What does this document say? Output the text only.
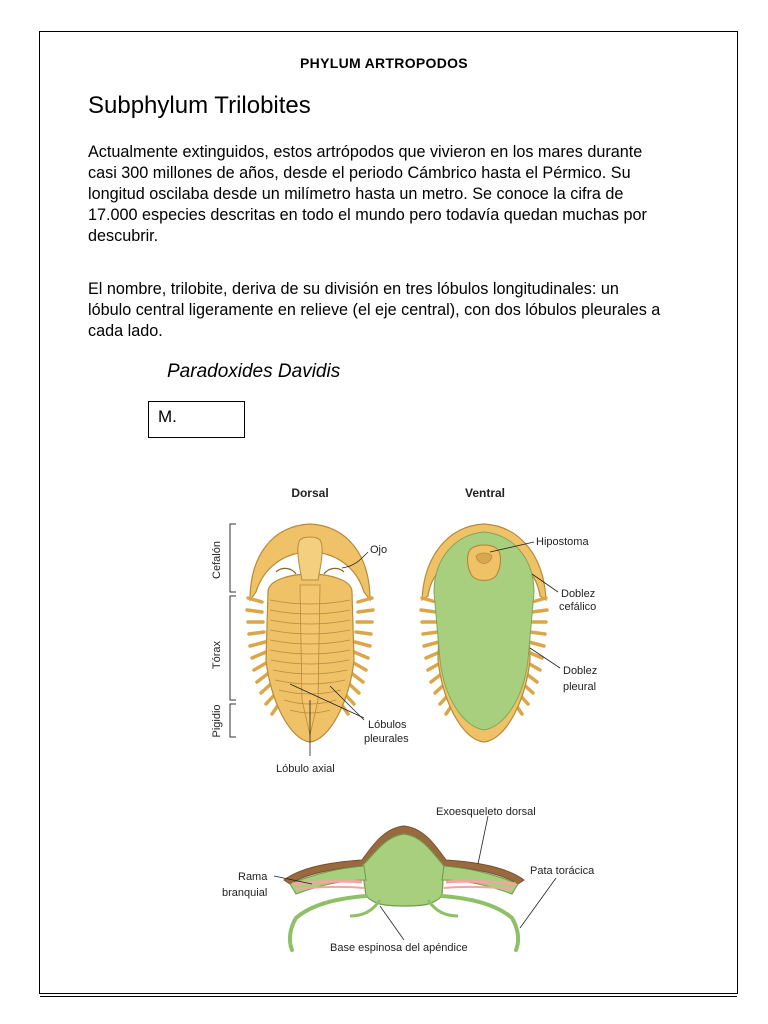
PHYLUM ARTROPODOS
Subphylum Trilobites

Actualmente extinguidos, estos artrópodos que vivieron en los mares durante
casi 300 millones de años, desde el periodo Cámbrico hasta el Pérmico. Su
longitud oscilaba desde un milímetro hasta un metro. Se conoce la cifra de
17.000 especies descritas en todo el mundo pero todavía quedan muchas por
descubrir.

El nombre, trilobite, deriva de su división en tres lóbulos longitudinales: un
lóbulo central ligeramente en relieve (el eje central), con dos lóbulos pleurales a
cada lado.

Paradoxides Davidis
M.
Dorsal	Ventral
Cefalón
Tórax
Pigidio
Ojo
Lóbulos
pleurales
Lóbulo axial
Hipostoma
Doblez
cefálico
Doblez
pleural
Exoesqueleto dorsal
Rama
branquial
Pata torácica
Base espinosa del apéndice
